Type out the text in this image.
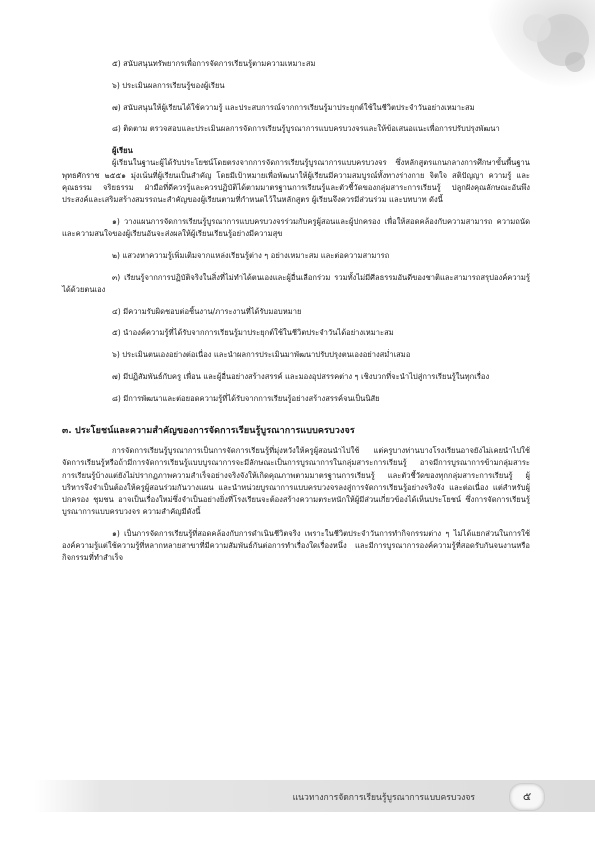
๕) สนับสนุนทรัพยากรเพื่อการจัดการเรียนรู้ตามความเหมาะสม

๖) ประเมินผลการเรียนรู้ของผู้เรียน

๗) สนับสนุนให้ผู้เรียนได้ใช้ความรู้ และประสบการณ์จากการเรียนรู้มาประยุกต์ใช้ในชีวิตประจำวันอย่างเหมาะสม

๘) ติดตาม ตรวจสอบและประเมินผลการจัดการเรียนรู้บูรณาการแบบครบวงจรและให้ข้อเสนอแนะเพื่อการปรับปรุงพัฒนา

ผู้เรียน

ผู้เรียนในฐานะผู้ได้รับประโยชน์โดยตรงจากการจัดการเรียนรู้บูรณาการแบบครบวงจร ซึ่งหลักสูตรแกนกลางการศึกษาขั้นพื้นฐาน พุทธศักราช ๒๕๕๑ มุ่งเน้นที่ผู้เรียนเป็นสำคัญ โดยมีเป้าหมายเพื่อพัฒนาให้ผู้เรียนมีความสมบูรณ์ทั้งทางร่างกาย จิตใจ สติปัญญา ความรู้ และคุณธรรม จริยธรรม ฝ่ามือที่ดีควรรู้และควรปฏิบัติได้ตามมาตรฐานการเรียนรู้และตัวชี้วัดของกลุ่มสาระการเรียนรู้ ปลูกฝังคุณลักษณะอันพึงประสงค์และเสริมสร้างสมรรถนะสำคัญของผู้เรียนตามที่กำหนดไว้ในหลักสูตร ผู้เรียนจึงควรมีส่วนร่วม และบทบาท ดังนี้

๑) วางแผนการจัดการเรียนรู้บูรณาการแบบครบวงจรร่วมกับครูผู้สอนและผู้ปกครอง เพื่อให้สอดคล้องกับความสามารถ ความถนัด และความสนใจของผู้เรียนอันจะส่งผลให้ผู้เรียนเรียนรู้อย่างมีความสุข

๒) แสวงหาความรู้เพิ่มเติมจากแหล่งเรียนรู้ต่าง ๆ อย่างเหมาะสม และต่อความสามารถ

๓) เรียนรู้จากการปฏิบัติจริงในสิ่งที่ไม่ทำได้ตนเองและผู้อื่นเลือกร่วม รวมทั้งไม่มีศีลธรรมอันดีของชาติและสามารถสรุปองค์ความรู้ได้ด้วยตนเอง

๔) มีความรับผิดชอบต่อชิ้นงาน/ภาระงานที่ได้รับมอบหมาย

๕) นำองค์ความรู้ที่ได้รับจากการเรียนรู้มาประยุกต์ใช้ในชีวิตประจำวันได้อย่างเหมาะสม

๖) ประเมินตนเองอย่างต่อเนื่อง และนำผลการประเมินมาพัฒนาปรับปรุงตนเองอย่างสม่ำเสมอ

๗) มีปฏิสัมพันธ์กับครู เพื่อน และผู้อื่นอย่างสร้างสรรค์ และมองอุปสรรคต่าง ๆ เชิงบวกที่จะนำไปสู่การเรียนรู้ในทุกเรื่อง

๘) มีการพัฒนาและต่อยอดความรู้ที่ได้รับจากการเรียนรู้อย่างสร้างสรรค์จนเป็นนิสัย

๓. ประโยชน์และความสำคัญของการจัดการเรียนรู้บูรณาการแบบครบวงจร

การจัดการเรียนรู้บูรณาการเป็นการจัดการเรียนรู้ที่มุ่งหวังให้ครูผู้สอนนำไปใช้ แต่ครูบางท่านบางโรงเรียนอาจยังไม่เคยนำไปใช้จัดการเรียนรู้หรือถ้ามีการจัดการเรียนรู้แบบบูรณาการจะมีลักษณะเป็นการบูรณาการในกลุ่มสาระการเรียนรู้ อาจมีการบูรณาการข้ามกลุ่มสาระการเรียนรู้บ้างแต่ยังไม่ปรากฏภาพความสำเร็จอย่างจริงจังให้เกิดคุณภาพตามมาตรฐานการเรียนรู้ และตัวชี้วัดของทุกกลุ่มสาระการเรียนรู้ ผู้บริหารจึงจำเป็นต้องให้ครูผู้สอนร่วมกันวางแผน และนำหน่วยบูรณาการแบบครบวงจรลงสู่การจัดการเรียนรู้อย่างจริงจัง และต่อเนื่อง แต่สำหรับผู้ปกครอง ชุมชน อาจเป็นเรื่องใหม่ซึ่งจำเป็นอย่างยิ่งที่โรงเรียนจะต้องสร้างความตระหนักให้ผู้มีส่วนเกี่ยวข้องได้เห็นประโยชน์ ซึ่งการจัดการเรียนรู้บูรณาการแบบครบวงจร ความสำคัญมีดังนี้

๑) เป็นการจัดการเรียนรู้ที่สอดคล้องกับการดำเนินชีวิตจริง เพราะในชีวิตประจำวันการทำกิจกรรมต่าง ๆ ไม่ได้แยกส่วนในการใช้องค์ความรู้แต่ใช้ความรู้ที่หลากหลายสาขาที่มีความสัมพันธ์กันต่อการทำเรื่องใดเรื่องหนึ่ง และมีการบูรณาการองค์ความรู้ที่สอดรับกันจนงานหรือกิจกรรมที่ทำสำเร็จ

แนวทางการจัดการเรียนรู้บูรณาการแบบครบวงจร	๕
